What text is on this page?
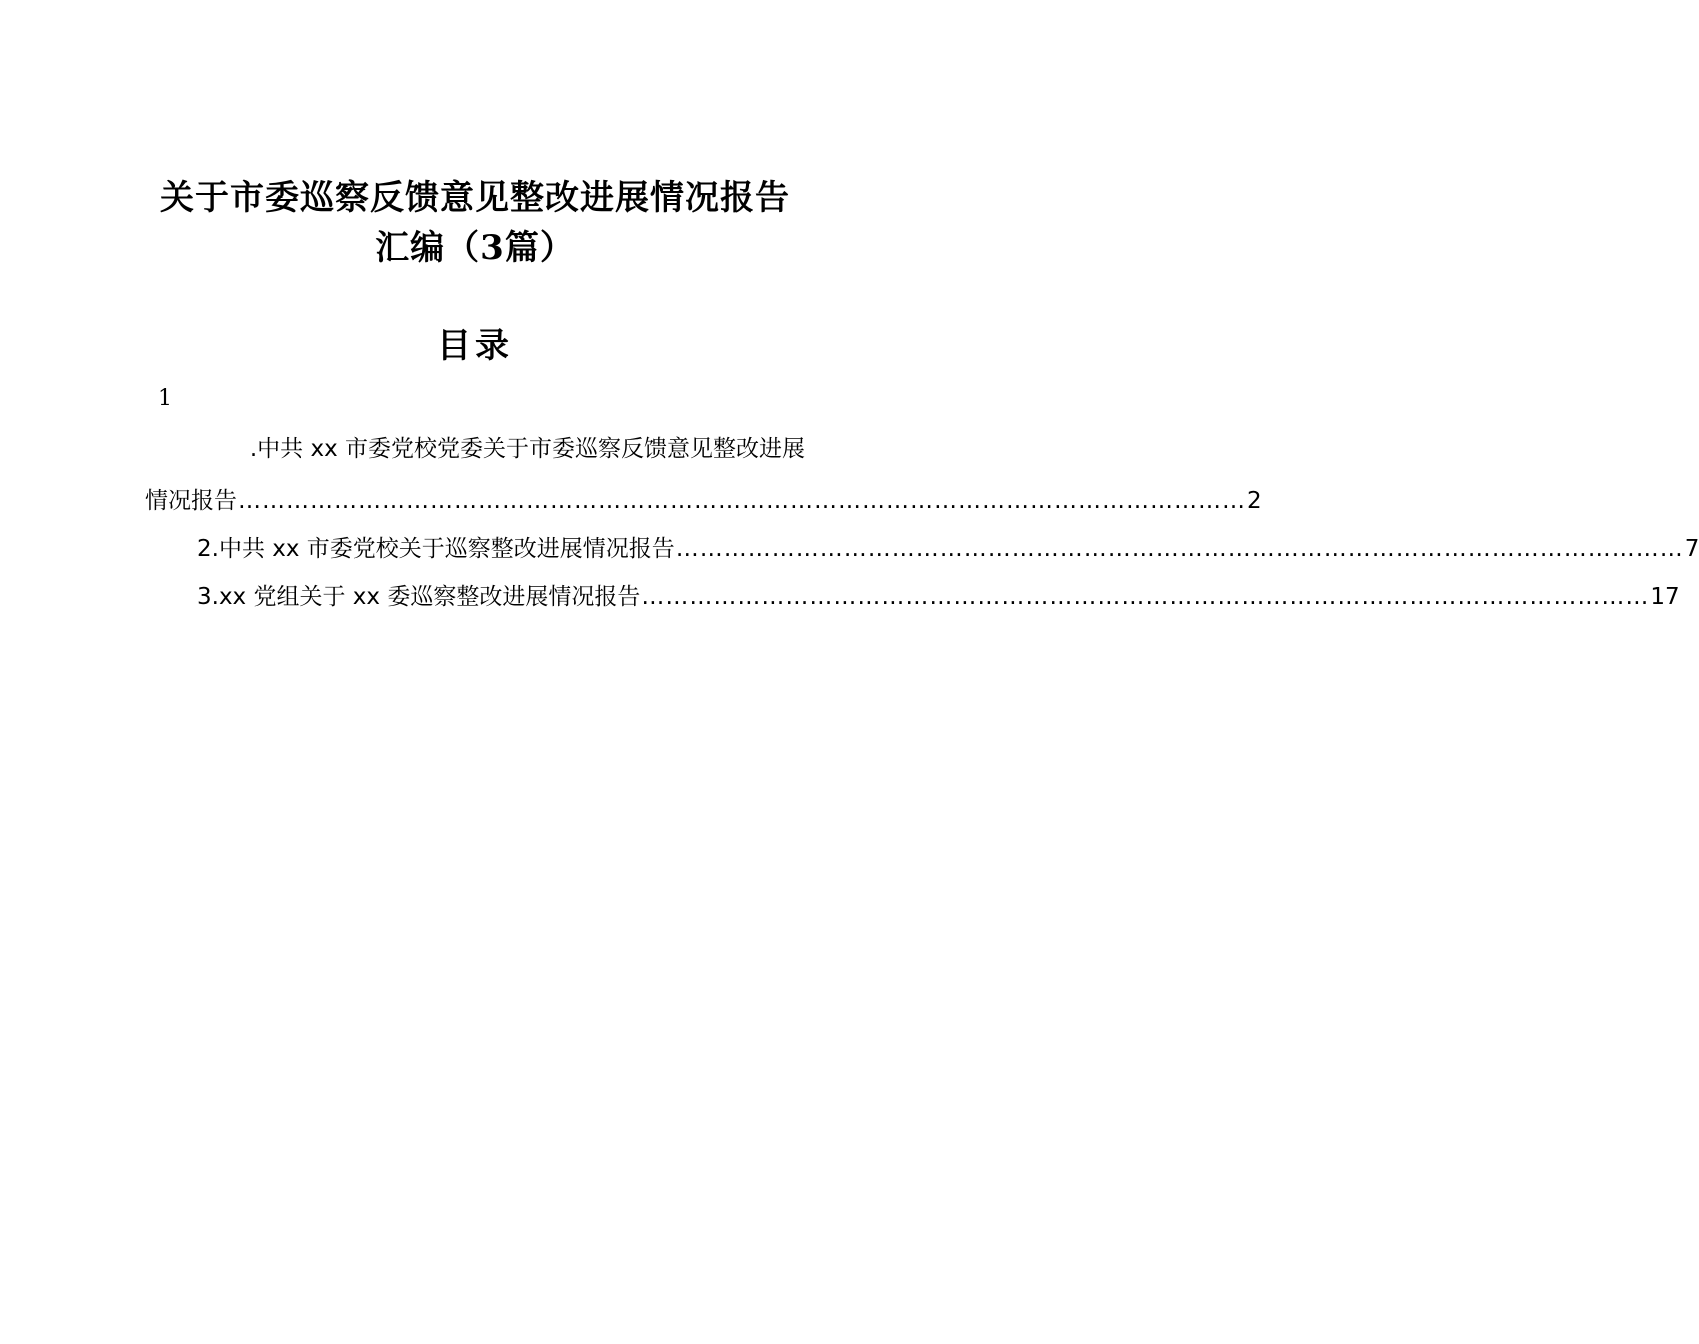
关于市委巡察反馈意见整改进展情况报告
汇编（3篇）
目录
1
.中共 xx 市委党校党委关于市委巡察反馈意见整改进展
情况报告 ……………………………………………………………………………………………………………… 2
2.中共 xx 市委党校关于巡察整改进展情况报告 ……………………………………………………………………………………………………………… 7
3.xx 党组关于 xx 委巡察整改进展情况报告 ……………………………………………………………………………………………………………… 17
